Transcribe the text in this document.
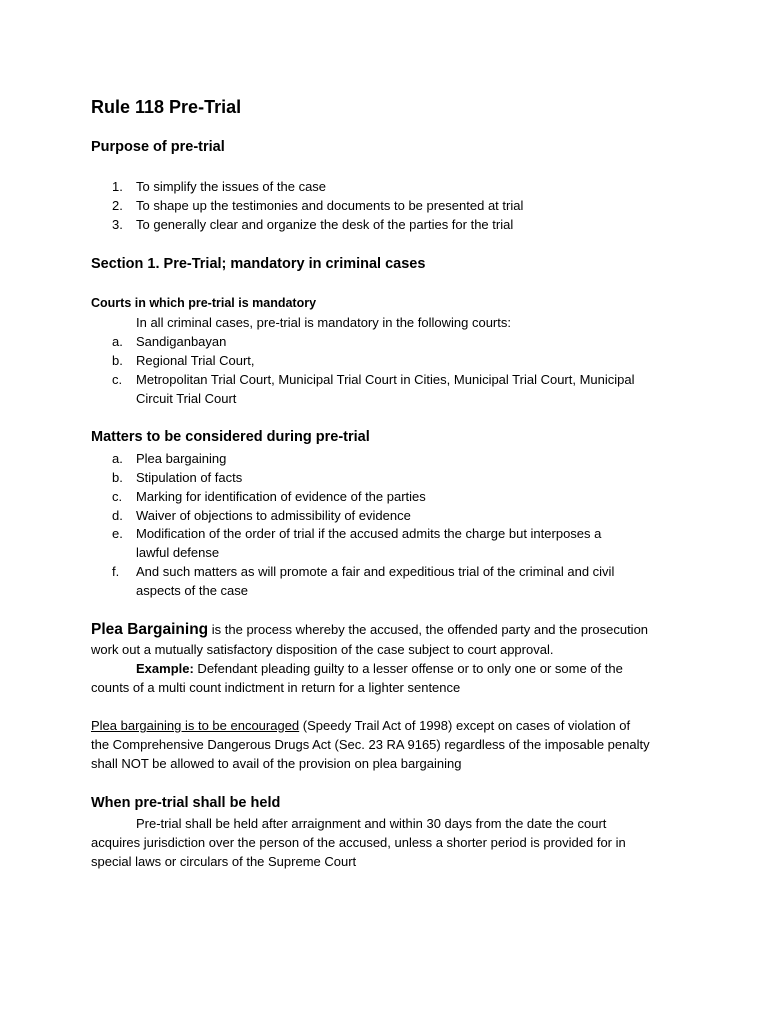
Rule 118 Pre-Trial
Purpose of pre-trial
1. To simplify the issues of the case
2. To shape up the testimonies and documents to be presented at trial
3. To generally clear and organize the desk of the parties for the trial
Section 1. Pre-Trial; mandatory in criminal cases
Courts in which pre-trial is mandatory
In all criminal cases, pre-trial is mandatory in the following courts:
a. Sandiganbayan
b. Regional Trial Court,
c. Metropolitan Trial Court, Municipal Trial Court in Cities, Municipal Trial Court, Municipal
Circuit Trial Court
Matters to be considered during pre-trial
a. Plea bargaining
b. Stipulation of facts
c. Marking for identification of evidence of the parties
d. Waiver of objections to admissibility of evidence
e. Modification of the order of trial if the accused admits the charge but interposes a
lawful defense
f. And such matters as will promote a fair and expeditious trial of the criminal and civil
aspects of the case
Plea Bargaining is the process whereby the accused, the offended party and the prosecution
work out a mutually satisfactory disposition of the case subject to court approval.
Example: Defendant pleading guilty to a lesser offense or to only one or some of the
counts of a multi count indictment in return for a lighter sentence
Plea bargaining is to be encouraged (Speedy Trail Act of 1998) except on cases of violation of
the Comprehensive Dangerous Drugs Act (Sec. 23 RA 9165) regardless of the imposable penalty
shall NOT be allowed to avail of the provision on plea bargaining
When pre-trial shall be held
Pre-trial shall be held after arraignment and within 30 days from the date the court
acquires jurisdiction over the person of the accused, unless a shorter period is provided for in
special laws or circulars of the Supreme Court
